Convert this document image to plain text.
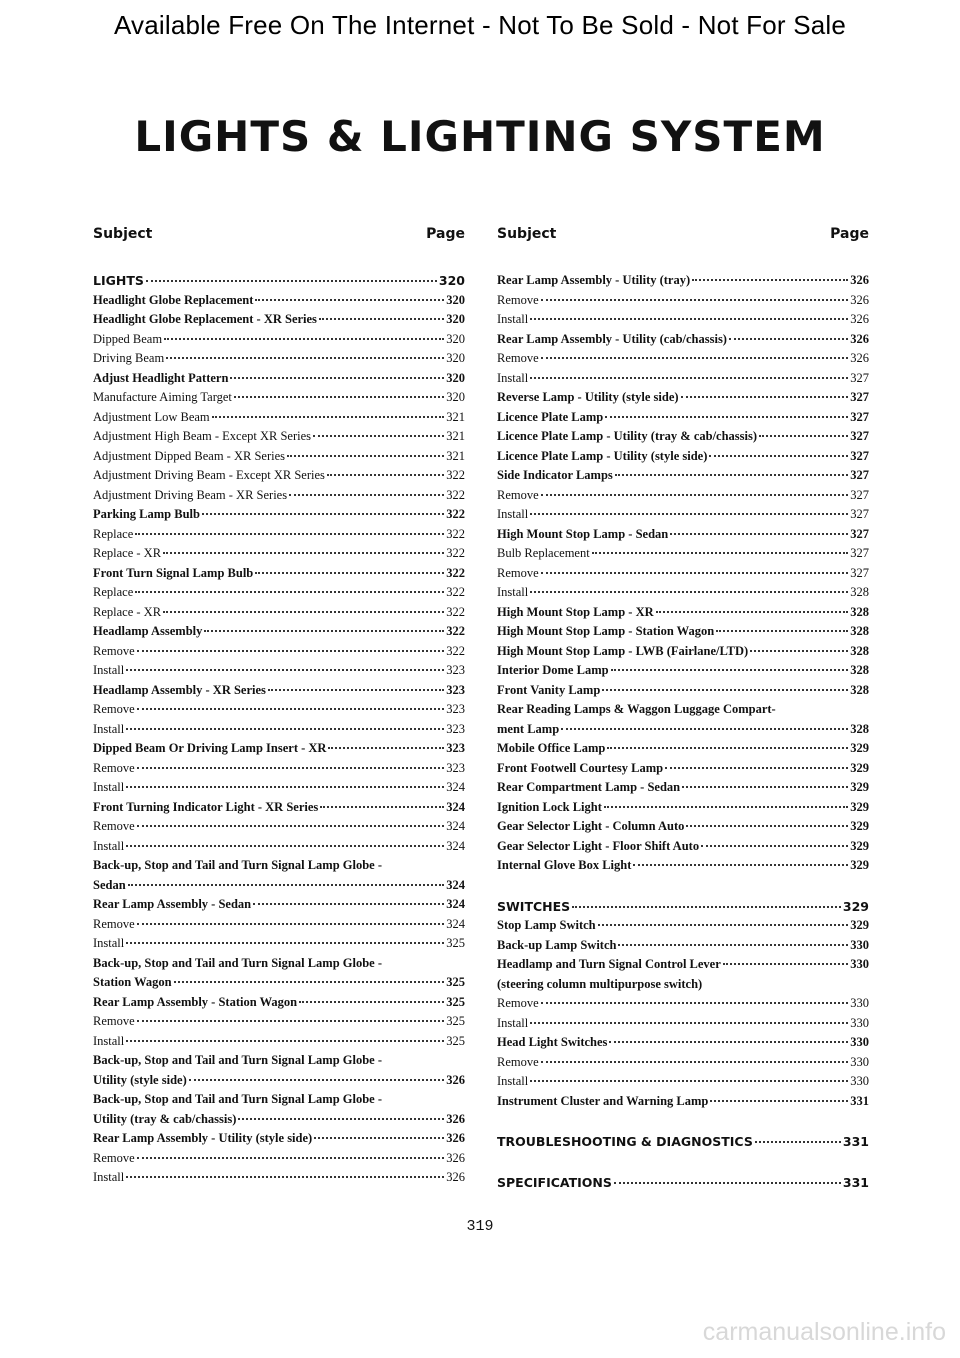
Available Free On The Internet - Not To Be Sold - Not For Sale
LIGHTS & LIGHTING SYSTEM
Subject	Page
LIGHTS	320
Headlight Globe Replacement	320
Headlight Globe Replacement - XR Series	320
Dipped Beam	320
Driving Beam	320
Adjust Headlight Pattern	320
Manufacture Aiming Target	320
Adjustment Low Beam	321
Adjustment High Beam - Except XR Series	321
Adjustment Dipped Beam - XR Series	321
Adjustment Driving Beam - Except XR Series	322
Adjustment Driving Beam - XR Series	322
Parking Lamp Bulb	322
Replace	322
Replace - XR	322
Front Turn Signal Lamp Bulb	322
Replace	322
Replace - XR	322
Headlamp Assembly	322
Remove	322
Install	323
Headlamp Assembly - XR Series	323
Remove	323
Install	323
Dipped Beam Or Driving Lamp Insert - XR	323
Remove	323
Install	324
Front Turning Indicator Light - XR Series	324
Remove	324
Install	324
Back-up, Stop and Tail and Turn Signal Lamp Globe -
Sedan	324
Rear Lamp Assembly - Sedan	324
Remove	324
Install	325
Back-up, Stop and Tail and Turn Signal Lamp Globe -
Station Wagon	325
Rear Lamp Assembly - Station Wagon	325
Remove	325
Install	325
Back-up, Stop and Tail and Turn Signal Lamp Globe -
Utility (style side)	326
Back-up, Stop and Tail and Turn Signal Lamp Globe -
Utility (tray & cab/chassis)	326
Rear Lamp Assembly - Utility (style side)	326
Remove	326
Install	326
Subject	Page
Rear Lamp Assembly - Utility (tray)	326
Remove	326
Install	326
Rear Lamp Assembly - Utility (cab/chassis)	326
Remove	326
Install	327
Reverse Lamp - Utility (style side)	327
Licence Plate Lamp	327
Licence Plate Lamp - Utility (tray & cab/chassis)	327
Licence Plate Lamp - Utility (style side)	327
Side Indicator Lamps	327
Remove	327
Install	327
High Mount Stop Lamp - Sedan	327
Bulb Replacement	327
Remove	327
Install	328
High Mount Stop Lamp - XR	328
High Mount Stop Lamp - Station Wagon	328
High Mount Stop Lamp - LWB (Fairlane/LTD)	328
Interior Dome Lamp	328
Front Vanity Lamp	328
Rear Reading Lamps & Waggon Luggage Compart-
ment Lamp	328
Mobile Office Lamp	329
Front Footwell Courtesy Lamp	329
Rear Compartment Lamp - Sedan	329
Ignition Lock Light	329
Gear Selector Light - Column Auto	329
Gear Selector Light - Floor Shift Auto	329
Internal Glove Box Light	329
SWITCHES	329
Stop Lamp Switch	329
Back-up Lamp Switch	330
Headlamp and Turn Signal Control Lever	330
(steering column multipurpose switch)
Remove	330
Install	330
Head Light Switches	330
Remove	330
Install	330
Instrument Cluster and Warning Lamp	331
TROUBLESHOOTING & DIAGNOSTICS	331
SPECIFICATIONS	331
319
carmanualsonline.info
